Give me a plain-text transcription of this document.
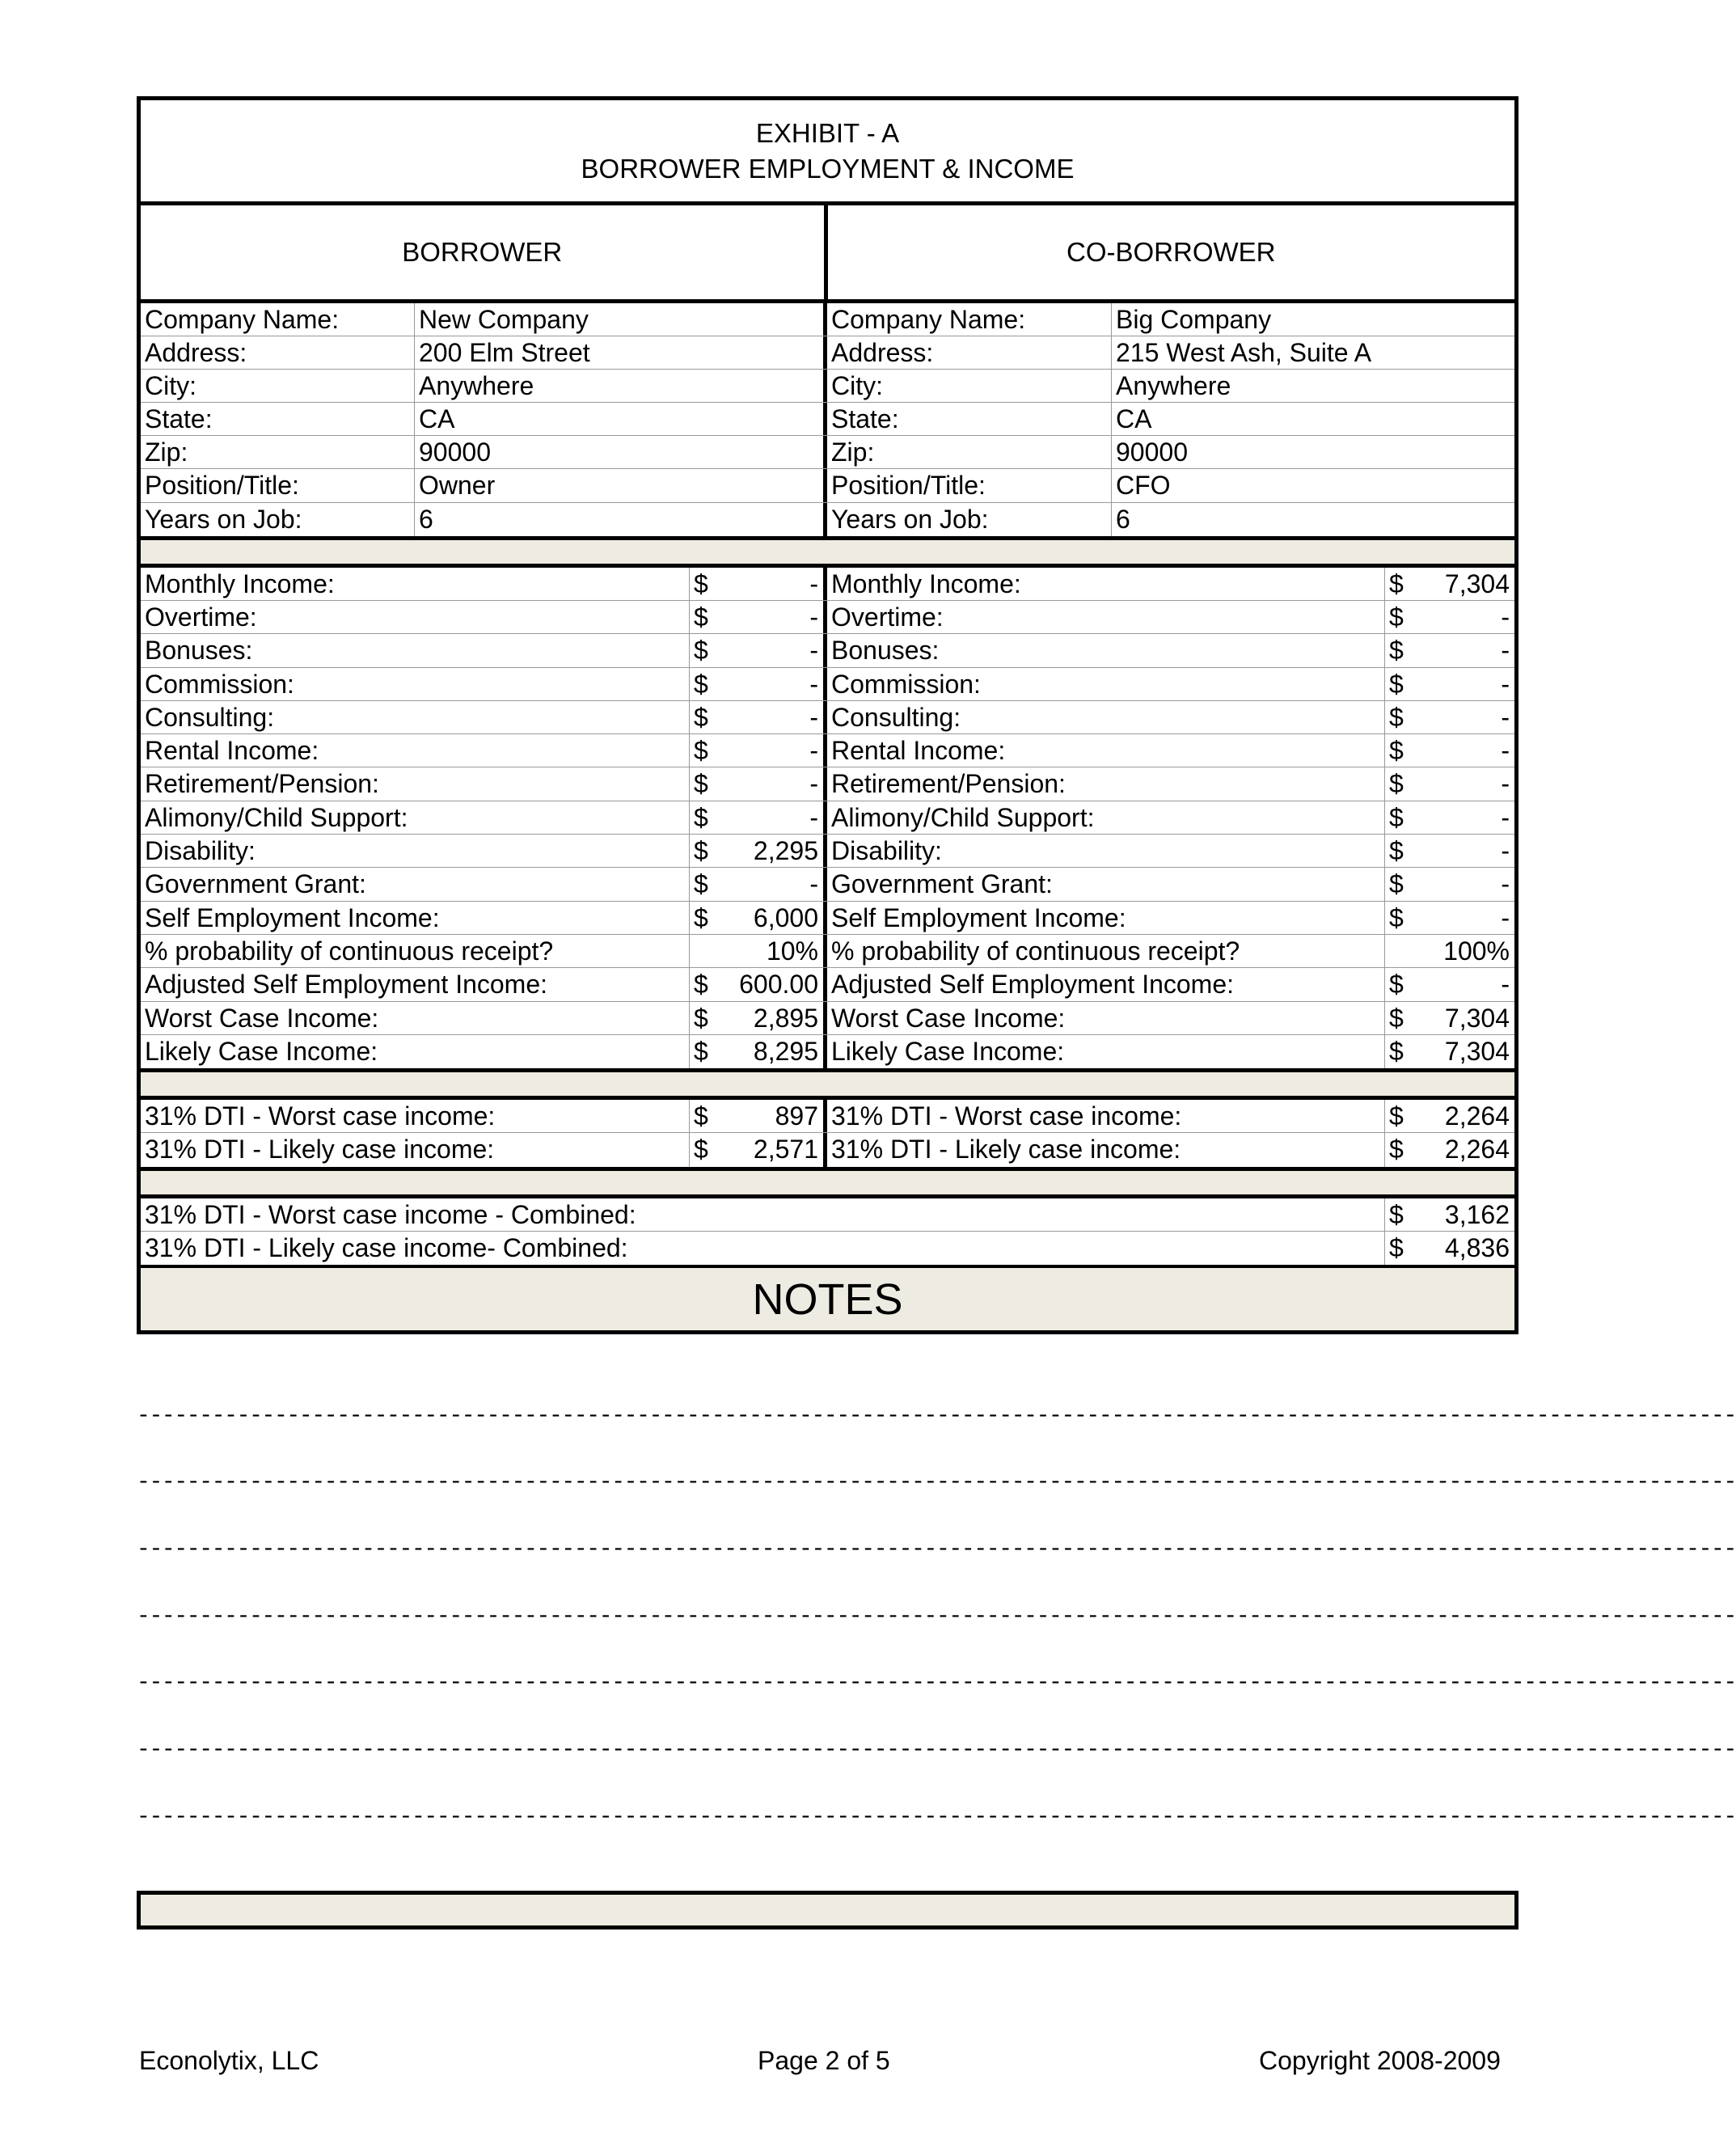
EXHIBIT - A
BORROWER EMPLOYMENT & INCOME
BORROWER	CO-BORROWER
Company Name:	New Company	Company Name:	Big Company
Address:	200 Elm Street	Address:	215 West Ash, Suite A
City:	Anywhere	City:	Anywhere
State:	CA	State:	CA
Zip:	90000	Zip:	90000
Position/Title:	Owner	Position/Title:	CFO
Years on Job:	6	Years on Job:	6
Monthly Income:	$	- Monthly Income:	$ 7,304
Overtime:	$	- Overtime:	$	-
Bonuses:	$	- Bonuses:	$	-
Commission:	$	- Commission:	$	-
Consulting:	$	- Consulting:	$	-
Rental Income:	$	- Rental Income:	$	-
Retirement/Pension:	$	- Retirement/Pension:	$	-
Alimony/Child Support:	$	- Alimony/Child Support:	$	-
Disability:	$ 2,295 Disability:	$	-
Government Grant:	$	- Government Grant:	$	-
Self Employment Income:	$ 6,000 Self Employment Income:	$	-
% probability of continuous receipt?	10% % probability of continuous receipt?	100%
Adjusted Self Employment Income:	$ 600.00 Adjusted Self Employment Income:	$	-
Worst Case Income:	$ 2,895 Worst Case Income:	$ 7,304
Likely Case Income:	$ 8,295 Likely Case Income:	$ 7,304
31% DTI - Worst case income:	$	897 31% DTI - Worst case income:	$ 2,264
31% DTI - Likely case income:	$ 2,571 31% DTI - Likely case income:	$ 2,264
31% DTI - Worst case income - Combined:	$ 3,162
31% DTI - Likely case income- Combined:	$ 4,836
NOTES
--------------------------------------------------------------------------------------------------------------------------------
--------------------------------------------------------------------------------------------------------------------------------
--------------------------------------------------------------------------------------------------------------------------------
--------------------------------------------------------------------------------------------------------------------------------
--------------------------------------------------------------------------------------------------------------------------------
--------------------------------------------------------------------------------------------------------------------------------
--------------------------------------------------------------------------------------------------------------------------------
Econolytix, LLC	Page 2 of 5	Copyright 2008-2009
